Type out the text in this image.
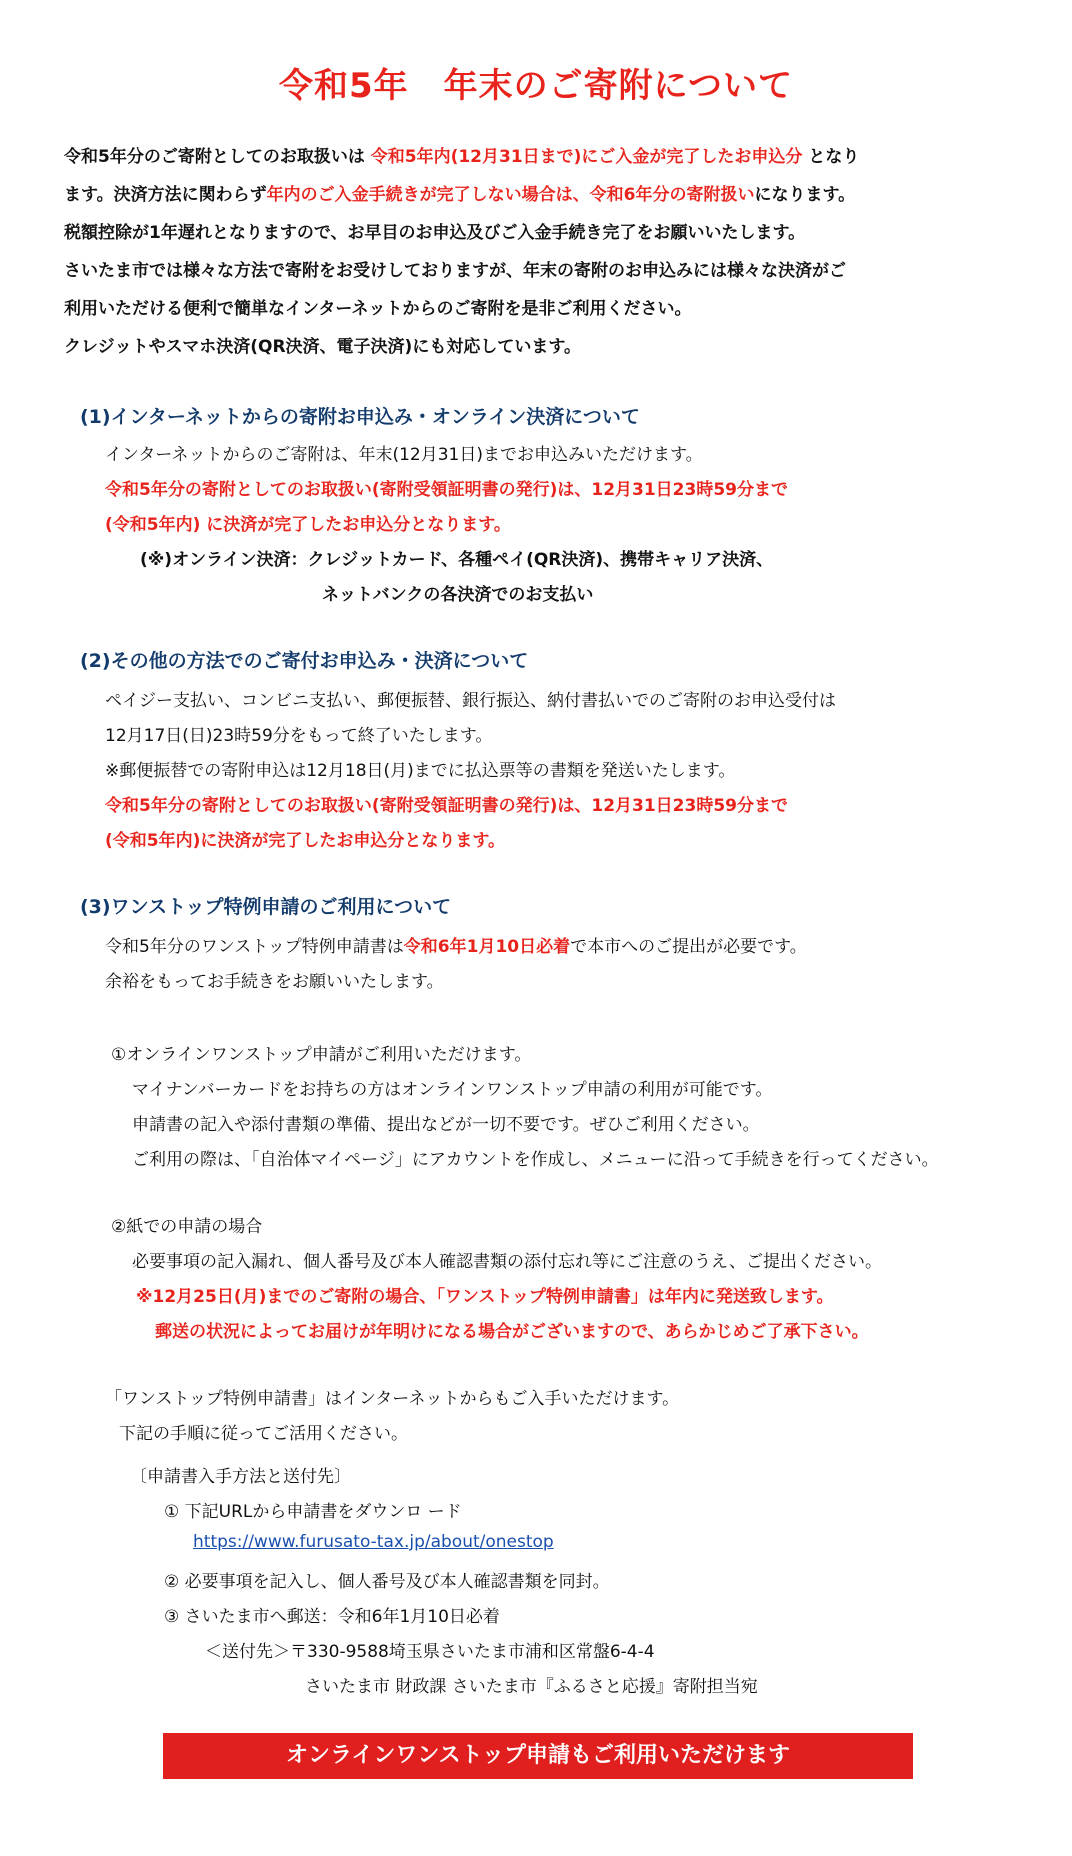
令和5年　年末のご寄附について
令和5年分のご寄附としてのお取扱いは 令和5年内(12月31日まで)にご入金が完了したお申込分 となり
ます。決済方法に関わらず年内のご入金手続きが完了しない場合は、令和6年分の寄附扱いになります。
税額控除が1年遅れとなりますので、お早目のお申込及びご入金手続き完了をお願いいたします。
さいたま市では様々な方法で寄附をお受けしておりますが、年末の寄附のお申込みには様々な決済がご
利用いただける便利で簡単なインターネットからのご寄附を是非ご利用ください。
クレジットやスマホ決済(QR決済、電子決済)にも対応しています。
(1)インターネットからの寄附お申込み・オンライン決済について
インターネットからのご寄附は、年末(12月31日)までお申込みいただけます。
令和5年分の寄附としてのお取扱い(寄附受領証明書の発行)は、12月31日23時59分まで
(令和5年内) に決済が完了したお申込分となります。
(※)オンライン決済：クレジットカード、各種ペイ(QR決済)、携帯キャリア決済、
ネットバンクの各決済でのお支払い
(2)その他の方法でのご寄付お申込み・決済について
ペイジー支払い、コンビニ支払い、郵便振替、銀行振込、納付書払いでのご寄附のお申込受付は
12月17日(日)23時59分をもって終了いたします。
※郵便振替での寄附申込は12月18日(月)までに払込票等の書類を発送いたします。
令和5年分の寄附としてのお取扱い(寄附受領証明書の発行)は、12月31日23時59分まで
(令和5年内)に決済が完了したお申込分となります。
(3)ワンストップ特例申請のご利用について
令和5年分のワンストップ特例申請書は令和6年1月10日必着で本市へのご提出が必要です。
余裕をもってお手続きをお願いいたします。
①オンラインワンストップ申請がご利用いただけます。
マイナンバーカードをお持ちの方はオンラインワンストップ申請の利用が可能です。
申請書の記入や添付書類の準備、提出などが一切不要です。ぜひご利用ください。
ご利用の際は、「自治体マイページ」にアカウントを作成し、メニューに沿って手続きを行ってください。
②紙での申請の場合
必要事項の記入漏れ、個人番号及び本人確認書類の添付忘れ等にご注意のうえ、ご提出ください。
※12月25日(月)までのご寄附の場合、「ワンストップ特例申請書」は年内に発送致します。
郵送の状況によってお届けが年明けになる場合がございますので、あらかじめご了承下さい。
「ワンストップ特例申請書」はインターネットからもご入手いただけます。
下記の手順に従ってご活用ください。
〔申請書入手方法と送付先〕
① 下記URLから申請書をダウンロ ード
https://www.furusato-tax.jp/about/onestop
② 必要事項を記入し、個人番号及び本人確認書類を同封。
③ さいたま市へ郵送：令和6年1月10日必着
＜送付先＞〒330-9588埼玉県さいたま市浦和区常盤6-4-4
さいたま市 財政課 さいたま市『ふるさと応援』寄附担当宛
オンラインワンストップ申請もご利用いただけます
